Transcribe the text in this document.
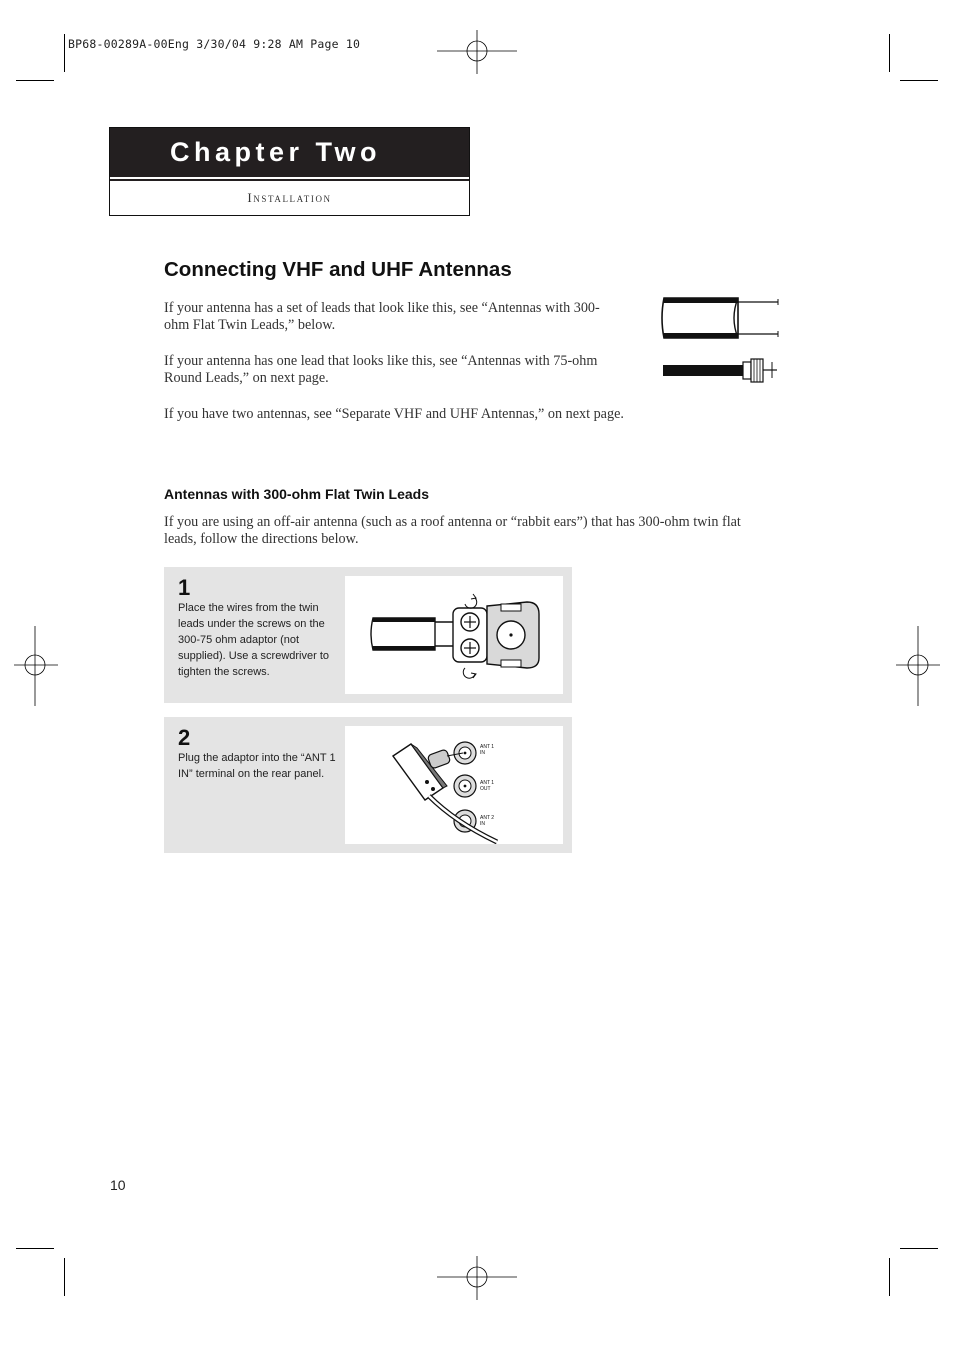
BP68-00289A-00Eng 3/30/04 9:28 AM Page 10
Chapter Two
Installation
Connecting VHF and UHF Antennas

If your antenna has a set of leads that look like this, see “Antennas with 300-ohm Flat Twin Leads,” below.

If your antenna has one lead that looks like this, see “Antennas with 75-ohm Round Leads,” on next page.

If you have two antennas, see “Separate VHF and UHF Antennas,” on next page.

Antennas with 300-ohm Flat Twin Leads

If you are using an off-air antenna (such as a roof antenna or “rabbit ears”) that has 300-ohm twin flat leads, follow the directions below.

1
Place the wires from the twin leads under the screws on the 300-75 ohm adaptor (not supplied). Use a screwdriver to tighten the screws.
2
Plug the adaptor into the “ANT 1 IN” terminal on the rear panel.
ANT 1
IN
ANT 1
OUT
ANT 2
IN
10
